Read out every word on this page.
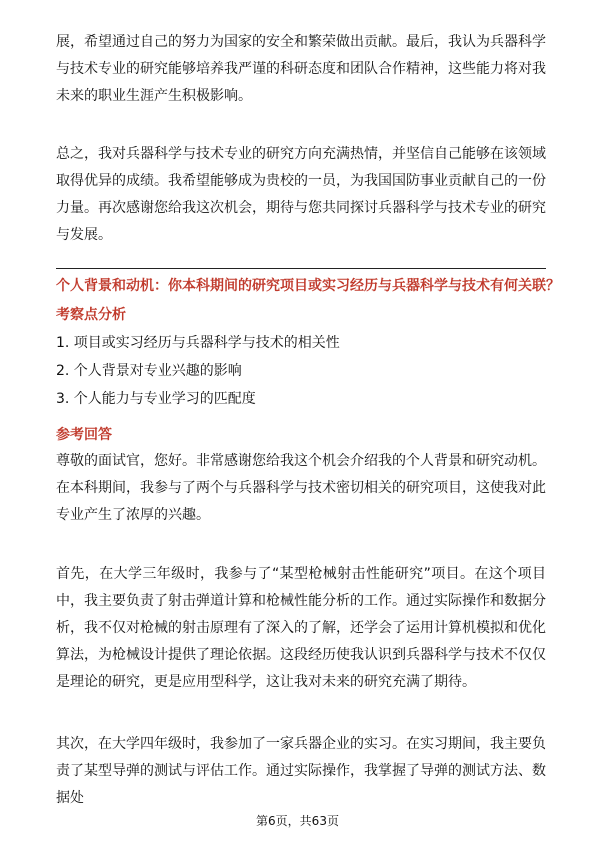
展，希望通过自己的努力为国家的安全和繁荣做出贡献。最后，我认为兵器科学与技术专业的研究能够培养我严谨的科研态度和团队合作精神，这些能力将对我未来的职业生涯产生积极影响。

总之，我对兵器科学与技术专业的研究方向充满热情，并坚信自己能够在该领域取得优异的成绩。我希望能够成为贵校的一员，为我国国防事业贡献自己的一份力量。再次感谢您给我这次机会，期待与您共同探讨兵器科学与技术专业的研究与发展。

个人背景和动机：你本科期间的研究项目或实习经历与兵器科学与技术有何关联？
考察点分析
1. 项目或实习经历与兵器科学与技术的相关性
2. 个人背景对专业兴趣的影响
3. 个人能力与专业学习的匹配度
参考回答

尊敬的面试官，您好。非常感谢您给我这个机会介绍我的个人背景和研究动机。在本科期间，我参与了两个与兵器科学与技术密切相关的研究项目，这使我对此专业产生了浓厚的兴趣。

首先，在大学三年级时，我参与了“某型枪械射击性能研究”项目。在这个项目中，我主要负责了射击弹道计算和枪械性能分析的工作。通过实际操作和数据分析，我不仅对枪械的射击原理有了深入的了解，还学会了运用计算机模拟和优化算法，为枪械设计提供了理论依据。这段经历使我认识到兵器科学与技术不仅仅是理论的研究，更是应用型科学，这让我对未来的研究充满了期待。

其次，在大学四年级时，我参加了一家兵器企业的实习。在实习期间，我主要负责了某型导弹的测试与评估工作。通过实际操作，我掌握了导弹的测试方法、数据处

第6页，共63页
